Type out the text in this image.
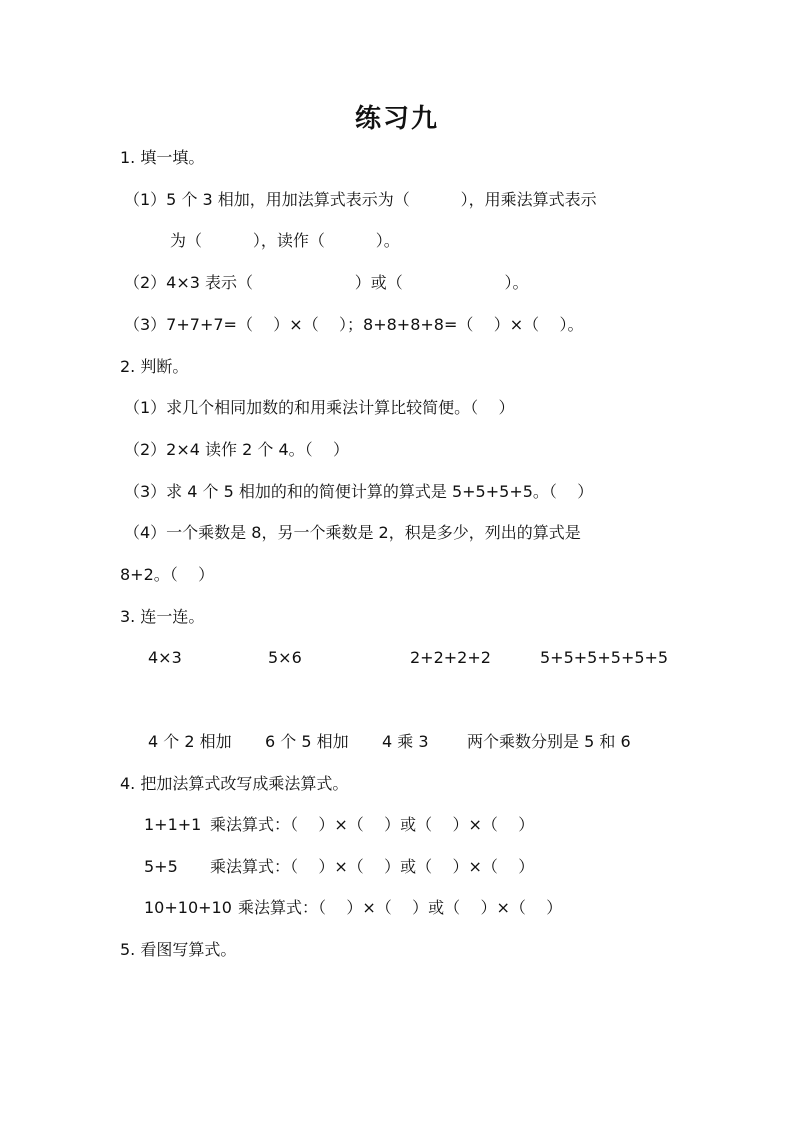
练习九
1. 填一填。
（1）5 个 3 相加，用加法算式表示为（          ），用乘法算式表示
为（          ），读作（          ）。
（2）4×3 表示（                    ）或（                    ）。
（3）7+7+7=（    ）×（    ）；8+8+8+8=（    ）×（    ）。
2. 判断。
（1）求几个相同加数的和用乘法计算比较简便。（    ）
（2）2×4 读作 2 个 4。（    ）
（3）求 4 个 5 相加的和的简便计算的算式是 5+5+5+5。（    ）
（4）一个乘数是 8，另一个乘数是 2，积是多少，列出的算式是
8+2。（    ）
3. 连一连。
4×3	5×6	2+2+2+2	5+5+5+5+5+5
4 个 2 相加 6 个 5 相加 4 乘 3 两个乘数分别是 5 和 6
4. 把加法算式改写成乘法算式。
1+1+1 乘法算式：（    ）×（    ）或（    ）×（    ）
5+5 乘法算式：（    ）×（    ）或（    ）×（    ）
10+10+10 乘法算式：（    ）×（    ）或（    ）×（    ）
5. 看图写算式。
